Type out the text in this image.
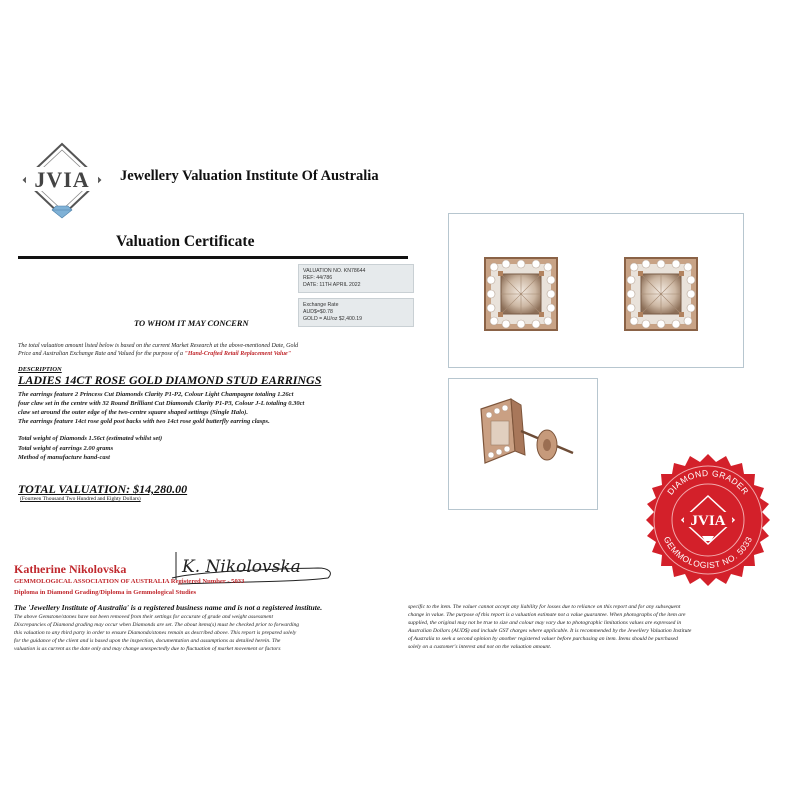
JVIA Jewellery Valuation Institute Of Australia
Valuation Certificate
VALUATION NO. KN78644
REF: 44/786
DATE: 11TH APRIL 2022
Exchange Rate
AUD$=$0.78
GOLD = AU/oz $2,400.19
TO WHOM IT MAY CONCERN
The total valuation amount listed below is based on the current Market Research at the above-mentioned Date, Gold
Price and Australian Exchange Rate and Valued for the purpose of a "Hand-Crafted Retail Replacement Value"
DESCRIPTION
LADIES 14CT ROSE GOLD DIAMOND STUD EARRINGS

The earrings feature 2 Princess Cut Diamonds Clarity P1-P2, Colour Light Champagne totaling 1.26ct

four claw set in the centre with 32 Round Brilliant Cut Diamonds Clarity P1-P3, Colour J-L totaling 0.30ct

claw set around the outer edge of the two-centre square shaped settings (Single Halo).

The earrings feature 14ct rose gold post backs with two 14ct rose gold butterfly earring clasps.

Total weight of Diamonds 1.56ct (estimated whilst set)
Total weight of earrings 2.00 grams
Method of manufacture hand-cast
TOTAL VALUATION: $14,280.00
(Fourteen Thousand Two Hundred and Eighty Dollars)
Katherine Nikolovska	K. Nikolovska
GEMMOLOGICAL ASSOCIATION OF AUSTRALIA Registered Number - 5033
Diploma in Diamond Grading/Diploma in Gemmological Studies
The 'Jewellery Institute of Australia' is a registered business name and is not a registered institute.
The above Gemstone/stones have not been removed from their settings for accurate of grade and weight assessment
Discrepancies of Diamond grading may occur when Diamonds are set. The about items(s) must be checked prior to forwarding
this valuation to any third party in order to ensure Diamonds/stones remain as described above. This report is prepared solely
for the guidance of the client and is based upon the inspection, documentation and assumptions as detailed herein. The
valuation is as current as the date only and may change unexpectedly due to fluctuation of market movement or factors
specific to the item. The valuer cannot accept any liability for losses due to reliance on this report and for any subsequent
change in value. The purpose of this report is a valuation estimate not a value guarantee. When photographs of the item are
supplied, the original may not be true to size and colour may vary due to photographic limitations values are expressed in
Australian Dollars (AUD$) and include GST charges where applicable. It is recommended by the Jewellery Valuation Institute
of Australia to seek a second opinion by another registered valuer before purchasing an item. Items should be purchased
solely on a customer's interest and not on the valuation amount.
DIAMOND GRADER
GEMMOLOGIST NO. 5033
JVIA
